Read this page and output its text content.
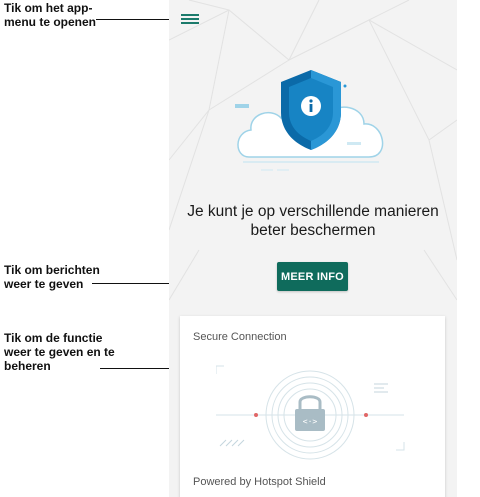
Tik om het app-menu te openen
Tik om berichten weer te geven
Tik om de functie weer te geven en te beheren
Je kunt je op verschillende manieren beter beschermen
MEER INFO
Secure Connection
<·>
Powered by Hotspot Shield
